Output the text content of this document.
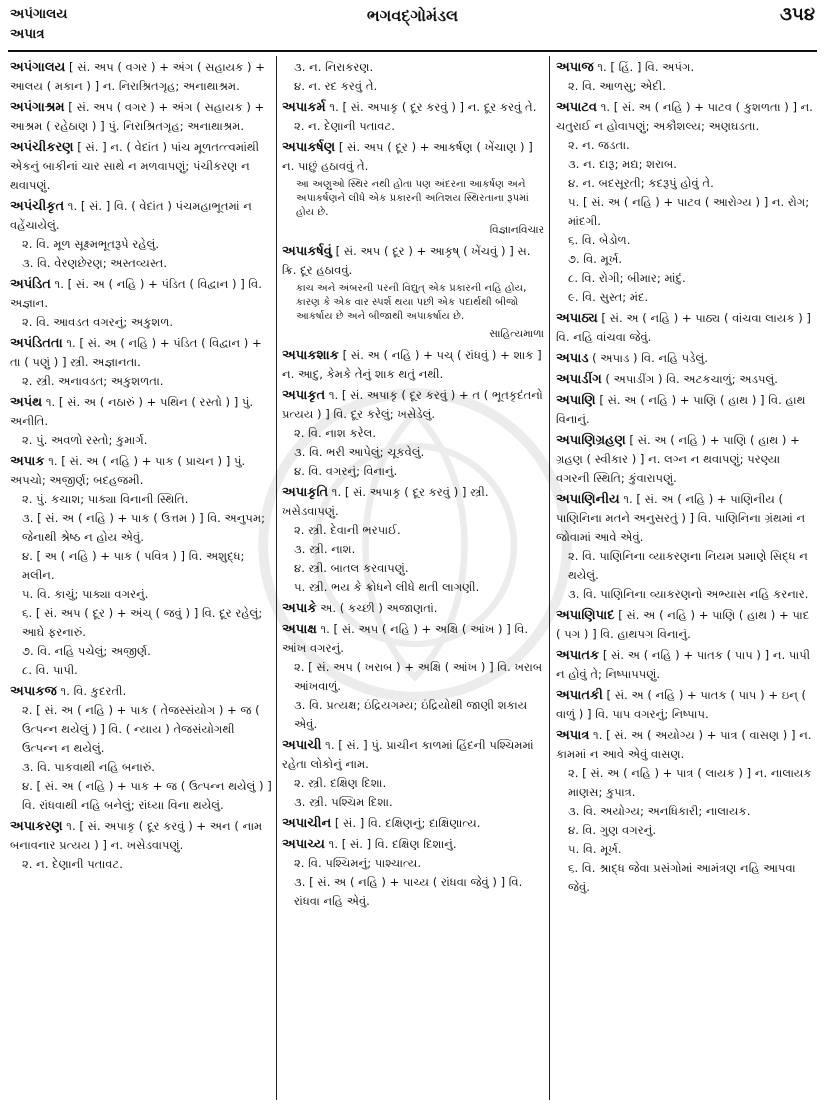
અપંગાલય
અપાત્ર
ભગવદ્ગોમંડલ	૩૫૪
અપંગાલય [ સં. અપ ( વગર ) + અંગ ( સહાયક ) + આલય ( મકાન ) ] ન. નિરાશ્રિતગૃહ; અનાથાશ્રમ.
અપંગાશ્રમ [ સં. અપ ( વગર ) + અંગ ( સહાયક ) + આશ્રમ ( રહેઠાણ ) ] પું. નિરાશ્રિતગૃહ; અનાથાશ્રમ.
અપંચીકરણ [ સં. ] ન. ( વેદાંત ) પાંચ મૂળતત્ત્વમાંથી એકનું બાકીનાં ચાર સાથે ન મળવાપણું; પંચીકરણ ન થવાપણું.
અપંચીકૃત ૧. [ સં. ] વિ. ( વેદાંત ) પંચમહાભૂતમાં ન વહેંચાયેલું.
૨. વિ. મૂળ સૂક્ષ્મભૂતરૂપે રહેલું.
૩. વિ. વેરણછેરણ; અસ્તવ્યસ્ત.
અપંડિત ૧. [ સં. અ ( નહિ ) + પંડિત ( વિદ્વાન ) ] વિ. અજ્ઞાન.
૨. વિ. આવડત વગરનું; અકુશળ.
અપંડિતતા ૧. [ સં. અ ( નહિ ) + પંડિત ( વિદ્વાન ) + તા ( પણું ) ] સ્ત્રી. અજ્ઞાનતા.
૨. સ્ત્રી. અનાવડત; અકુશળતા.
અપંથ ૧. [ સં. અ ( નઠારું ) + પથિન ( રસ્તો ) ] પું. અનીતિ.
૨. પું. અવળો રસ્તો; કુમાર્ગ.
અપાક ૧. [ સં. અ ( નહિ ) + પાક ( પ્રાચન ) ] પું. અપચો; અજીર્ણ; બદહજમી.
૨. પું. કચાશ; પાક્યા વિનાની સ્થિતિ.
૩. [ સં. અ ( નહિ ) + પાક ( ઉત્તમ ) ] વિ. અનુપમ; જેનાથી શ્રેષ્ઠ ન હોય એવું.
૪. [ અ ( નહિ ) + પાક ( પવિત્ર ) ] વિ. અશુદ્ધ; મલીન.
૫. વિ. કાચું; પાક્યા વગરનું.
૬. [ સં. અપ ( દૂર ) + અંચ્ ( જવું ) ] વિ. દૂર રહેલું; આઘે ફરનારું.
૭. વિ. નહિ પચેલું; અજીર્ણ.
૮. વિ. પાપી.
અપાકજ ૧. વિ. કુદરતી.
૨. [ સં. અ ( નહિ ) + પાક ( તેજસ્સંયોગ ) + જ ( ઉત્પન્ન થયેલું ) ] વિ. ( ન્યાય ) તેજસંયોગથી ઉત્પન્ન ન થયેલું.
૩. વિ. પાકવાથી નહિ બનારું.
૪. [ સં. અ ( નહિ ) + પાક + જ ( ઉત્પન્ન થયેલું ) ] વિ. રાંધવાથી નહિ બનેલું; રાંધ્યા વિના થયેલું.
અપાકરણ ૧. [ સં. અપાકૃ ( દૂર કરવું ) + અન ( નામ બનાવનાર પ્રત્યય ) ] ન. ખસેડવાપણું.
૨. ન. દેણાની પતાવટ.
૩. ન. નિરાકરણ.
૪. ન. રદ કરવું તે.
અપાકર્મ ૧. [ સં. અપાકૃ ( દૂર કરવું ) ] ન. દૂર કરવું તે.
૨. ન. દેણાની પતાવટ.
અપાકર્ષણ [ સં. અપ ( દૂર ) + આકર્ષણ ( ખેંચાણ ) ] ન. પાછું હઠાવવું તે.
આ અણુઓ સ્થિર નથી હોતા પણ અંદરના આકર્ષણ અને અપાકર્ષણને લીધે એક પ્રકારની અતિશય સ્થિરતાના રૂપમાં હોય છે.
વિજ્ઞાનવિચાર
અપાકર્ષવું [ સં. અપ ( દૂર ) + આકૃષ્ ( ખેંચવું ) ] સ. ક્રિ. દૂર હઠાવવું.
કાચ અને અંબરની પરની વિદ્યુત્ એક પ્રકારની નહિ હોય, કારણ કે એક વાર સ્પર્શ થયા પછી એક પદાર્થથી બીજો આકર્ષાય છે અને બીજાથી અપાકર્ષાય છે.
સાહિત્યમાળા
અપાકશાક [ સં. અ ( નહિ ) + પચ્ ( રાંધવું ) + શાક ] ન. આદુ, કેમકે તેનું શાક થતું નથી.
અપાકૃત ૧. [ સં. અપાકૃ ( દૂર કરવું ) + ત ( ભૂતકૃદંતનો પ્રત્યય ) ] વિ. દૂર કરેલું; ખસેડેલું.
૨. વિ. નાશ કરેલ.
૩. વિ. ભરી આપેલું; ચૂકવેલું.
૪. વિ. વગરનું; વિનાનું.
અપાકૃતિ ૧. [ સં. અપાકૃ ( દૂર કરવું ) ] સ્ત્રી. ખસેડવાપણું.
૨. સ્ત્રી. દેવાની ભરપાઈ.
૩. સ્ત્રી. નાશ.
૪. સ્ત્રી. બાતલ કરવાપણું.
૫. સ્ત્રી. ભય કે ક્રોધને લીધે થતી લાગણી.
અપાકે અ. ( કચ્છી ) અજાણતાં.
અપાક્ષ ૧. [ સં. અપ ( નહિ ) + અક્ષિ ( આંખ ) ] વિ. આંખ વગરનું.
૨. [ સં. અપ ( ખરાબ ) + અક્ષિ ( આંખ ) ] વિ. ખરાબ આંખવાળું.
૩. વિ. પ્રત્યક્ષ; ઇંદ્રિયગમ્ય; ઇંદ્રિયોથી જાણી શકાય એવું.
અપાચી ૧. [ સં. ] પું. પ્રાચીન કાળમાં હિંદની પશ્ચિમમાં રહેતા લોકોનું નામ.
૨. સ્ત્રી. દક્ષિણ દિશા.
૩. સ્ત્રી. પશ્ચિમ દિશા.
અપાચીન [ સં. ] વિ. દક્ષિણનું; દાક્ષિણાત્ય.
અપાચ્ય ૧. [ સં. ] વિ. દક્ષિણ દિશાનું.
૨. વિ. પશ્ચિમનું; પાશ્ચાત્ય.
૩. [ સં. અ ( નહિ ) + પાચ્ય ( રાંધવા જેવું ) ] વિ. રાંધવા નહિ એવું.
અપાજ ૧. [ હિં. ] વિ. અપંગ.
૨. વિ. આળસુ; એદી.
અપાટવ ૧. [ સં. અ ( નહિ ) + પાટવ ( કુશળતા ) ] ન. ચતુરાઈ ન હોવાપણું; અકૌશલ્ય; અણઘડતા.
૨. ન. જડતા.
૩. ન. દારૂ; મદ્ય; શરાબ.
૪. ન. બદસૂરતી; કદરૂપું હોવું તે.
૫. [ સં. અ ( નહિ ) + પાટવ ( આરોગ્ય ) ] ન. રોગ; માંદગી.
૬. વિ. બેડોળ.
૭. વિ. મૂર્ખ.
૮. વિ. રોગી; બીમાર; માંદું.
૯. વિ. સુસ્ત; મંદ.
અપાઠ્ય [ સં. અ ( નહિ ) + પાઠ્ય ( વાંચવા લાયક ) ] વિ. નહિ વાંચવા જેવું.
અપાડ ( અપાડ ) વિ. નહિ પડેલું.
અપાડીંગ ( અપાડીંગ ) વિ. અટકચાળું; અડપલું.
અપાણિ [ સં. અ ( નહિ ) + પાણિ ( હાથ ) ] વિ. હાથ વિનાનું.
અપાણિગ્રહણ [ સં. અ ( નહિ ) + પાણિ ( હાથ ) + ગ્રહણ ( સ્વીકાર ) ] ન. લગ્ન ન થવાપણું; પરણ્યા વગરની સ્થિતિ; કુંવારાપણું.
અપાણિનીય ૧. [ સં. અ ( નહિ ) + પાણિનીય ( પાણિનિના મતને અનુસરતું ) ] વિ. પાણિનિના ગ્રંથમાં ન જોવામાં આવે એવું.
૨. વિ. પાણિનિના વ્યાકરણના નિયમ પ્રમાણે સિદ્ધ ન થયેલું.
૩. વિ. પાણિનિના વ્યાકરણનો અભ્યાસ નહિ કરનાર.
અપાણિપાદ [ સં. અ ( નહિ ) + પાણિ ( હાથ ) + પાદ ( પગ ) ] વિ. હાથપગ વિનાનું.
અપાતક [ સં. અ ( નહિ ) + પાતક ( પાપ ) ] ન. પાપી ન હોવું તે; નિષ્પાપપણું.
અપાતકી [ સં. અ ( નહિ ) + પાતક ( પાપ ) + ઇન્ ( વાળું ) ] વિ. પાપ વગરનું; નિષ્પાપ.
અપાત્ર ૧. [ સં. અ ( અયોગ્ય ) + પાત્ર ( વાસણ ) ] ન. કામમાં ન આવે એવું વાસણ.
૨. [ સં. અ ( નહિ ) + પાત્ર ( લાયક ) ] ન. નાલાયક માણસ; કુપાત્ર.
૩. વિ. અયોગ્ય; અનધિકારી; નાલાયક.
૪. વિ. ગુણ વગરનું.
૫. વિ. મૂર્ખ.
૬. વિ. શ્રાદ્ધ જેવા પ્રસંગોમાં આમંત્રણ નહિ આપવા જેવું.
